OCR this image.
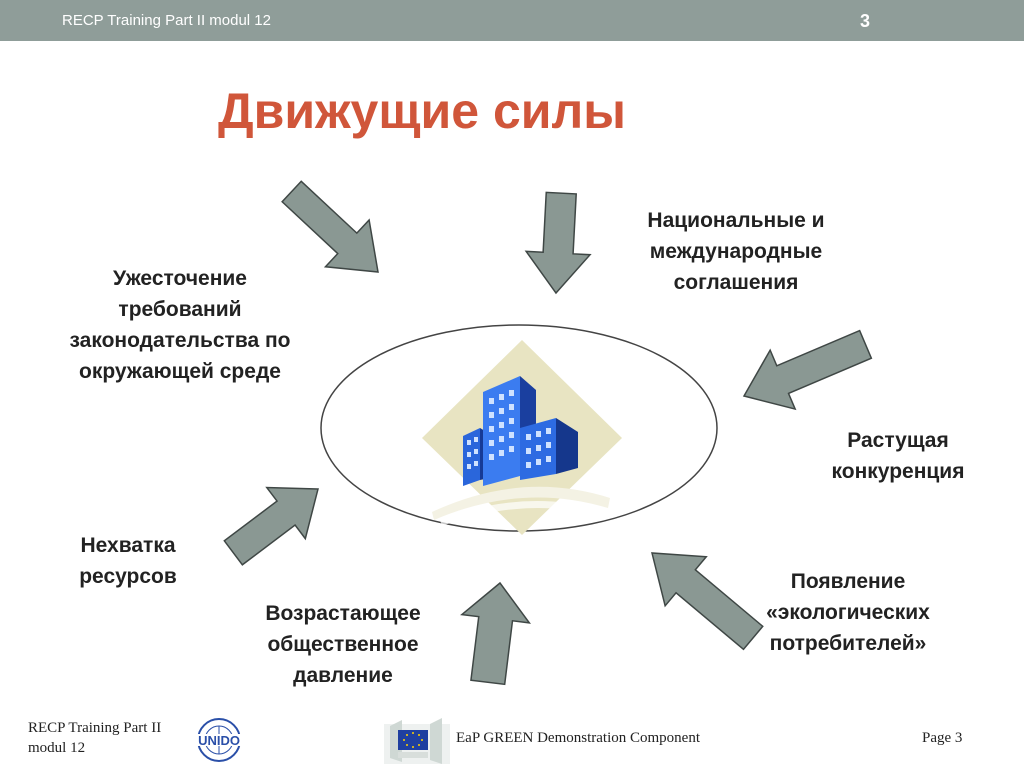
RECP Training Part II modul 12	3
Движущие силы
UNIDO
Ужесточение
требований
законодательства по
окружающей среде
Национальные и
международные
соглашения
Растущая
конкуренция
Нехватка
ресурсов
Возрастающее
общественное
давление
Появление
«экологических
потребителей»
RECP Training Part II
modul 12
EaP GREEN Demonstration Component	Page 3
